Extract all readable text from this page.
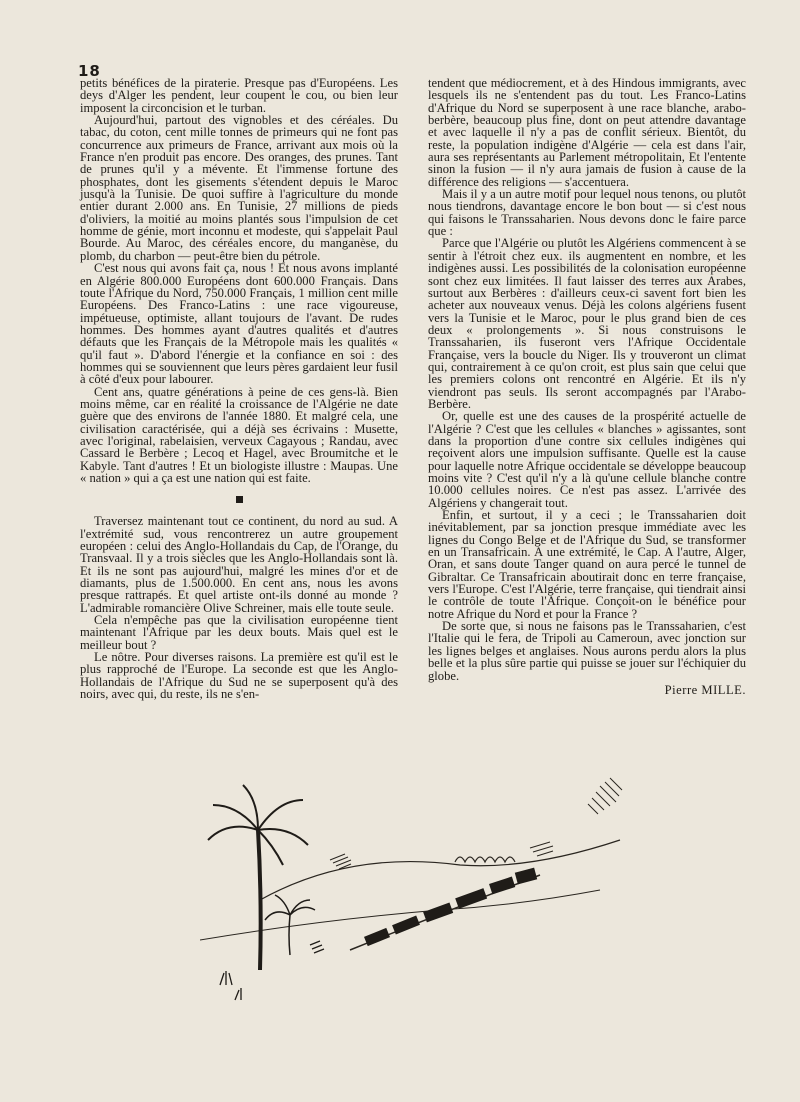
18

petits bénéfices de la piraterie. Presque pas d'Européens. Les deys d'Alger les pendent, leur coupent le cou, ou bien leur imposent la circoncision et le turban.

Aujourd'hui, partout des vignobles et des céréales. Du tabac, du coton, cent mille tonnes de primeurs qui ne font pas concurrence aux primeurs de France, arrivant aux mois où la France n'en produit pas encore. Des oranges, des prunes. Tant de prunes qu'il y a mévente. Et l'immense fortune des phosphates, dont les gisements s'étendent depuis le Maroc jusqu'à la Tunisie. De quoi suffire à l'agriculture du monde entier durant 2.000 ans. En Tunisie, 27 millions de pieds d'oliviers, la moitié au moins plantés sous l'impulsion de cet homme de génie, mort inconnu et modeste, qui s'appelait Paul Bourde. Au Maroc, des céréales encore, du manganèse, du plomb, du charbon — peut-être bien du pétrole.

C'est nous qui avons fait ça, nous ! Et nous avons implanté en Algérie 800.000 Européens dont 600.000 Français. Dans toute l'Afrique du Nord, 750.000 Français, 1 million cent mille Européens. Des Franco-Latins : une race vigoureuse, impétueuse, optimiste, allant toujours de l'avant. De rudes hommes. Des hommes ayant d'autres qualités et d'autres défauts que les Français de la Métropole mais les qualités « qu'il faut ». D'abord l'énergie et la confiance en soi : des hommes qui se souviennent que leurs pères gardaient leur fusil à côté d'eux pour labourer.

Cent ans, quatre générations à peine de ces gens-là. Bien moins même, car en réalité la croissance de l'Algérie ne date guère que des environs de l'année 1880. Et malgré cela, une civilisation caractérisée, qui a déjà ses écrivains : Musette, avec l'original, rabelaisien, verveux Cagayous ; Randau, avec Cassard le Berbère ; Lecoq et Hagel, avec Broumitche et le Kabyle. Tant d'autres ! Et un biologiste illustre : Maupas. Une « nation » qui a ça est une nation qui est faite.

Traversez maintenant tout ce continent, du nord au sud. A l'extrémité sud, vous rencontrerez un autre groupement européen : celui des Anglo-Hollandais du Cap, de l'Orange, du Transvaal. Il y a trois siècles que les Anglo-Hollandais sont là. Et ils ne sont pas aujourd'hui, malgré les mines d'or et de diamants, plus de 1.500.000. En cent ans, nous les avons presque rattrapés. Et quel artiste ont-ils donné au monde ? L'admirable romancière Olive Schreiner, mais elle toute seule.

Cela n'empêche pas que la civilisation européenne tient maintenant l'Afrique par les deux bouts. Mais quel est le meilleur bout ?

Le nôtre. Pour diverses raisons. La première est qu'il est le plus rapproché de l'Europe. La seconde est que les Anglo-Hollandais de l'Afrique du Sud ne se superposent qu'à des noirs, avec qui, du reste, ils ne s'en-

tendent que médiocrement, et à des Hindous immigrants, avec lesquels ils ne s'entendent pas du tout. Les Franco-Latins d'Afrique du Nord se superposent à une race blanche, arabo-berbère, beaucoup plus fine, dont on peut attendre davantage et avec laquelle il n'y a pas de conflit sérieux. Bientôt, du reste, la population indigène d'Algérie — cela est dans l'air, aura ses représentants au Parlement métropolitain, Et l'entente sinon la fusion — il n'y aura jamais de fusion à cause de la différence des religions — s'accentuera.

Mais il y a un autre motif pour lequel nous tenons, ou plutôt nous tiendrons, davantage encore le bon bout — si c'est nous qui faisons le Transsaharien. Nous devons donc le faire parce que :

Parce que l'Algérie ou plutôt les Algériens commencent à se sentir à l'étroit chez eux. ils augmentent en nombre, et les indigènes aussi. Les possibilités de la colonisation européenne sont chez eux limitées. Il faut laisser des terres aux Arabes, surtout aux Berbères : d'ailleurs ceux-ci savent fort bien les acheter aux nouveaux venus. Déjà les colons algériens fusent vers la Tunisie et le Maroc, pour le plus grand bien de ces deux « prolongements ». Si nous construisons le Transsaharien, ils fuseront vers l'Afrique Occidentale Française, vers la boucle du Niger. Ils y trouveront un climat qui, contrairement à ce qu'on croit, est plus sain que celui que les premiers colons ont rencontré en Algérie. Et ils n'y viendront pas seuls. Ils seront accompagnés par l'Arabo-Berbère.

Or, quelle est une des causes de la prospérité actuelle de l'Algérie ? C'est que les cellules « blanches » agissantes, sont dans la proportion d'une contre six cellules indigènes qui reçoivent alors une impulsion suffisante. Quelle est la cause pour laquelle notre Afrique occidentale se développe beaucoup moins vite ? C'est qu'il n'y a là qu'une cellule blanche contre 10.000 cellules noires. Ce n'est pas assez. L'arrivée des Algériens y changerait tout.

Enfin, et surtout, il y a ceci ; le Transsaharien doit inévitablement, par sa jonction presque immédiate avec les lignes du Congo Belge et de l'Afrique du Sud, se transformer en un Transafricain. A une extrémité, le Cap. A l'autre, Alger, Oran, et sans doute Tanger quand on aura percé le tunnel de Gibraltar. Ce Transafricain aboutirait donc en terre française, vers l'Europe. C'est l'Algérie, terre française, qui tiendrait ainsi le contrôle de toute l'Afrique. Conçoit-on le bénéfice pour notre Afrique du Nord et pour la France ?

De sorte que, si nous ne faisons pas le Transsaharien, c'est l'Italie qui le fera, de Tripoli au Cameroun, avec jonction sur les lignes belges et anglaises. Nous aurons perdu alors la plus belle et la plus sûre partie qui puisse se jouer sur l'échiquier du globe.

Pierre MILLE.
